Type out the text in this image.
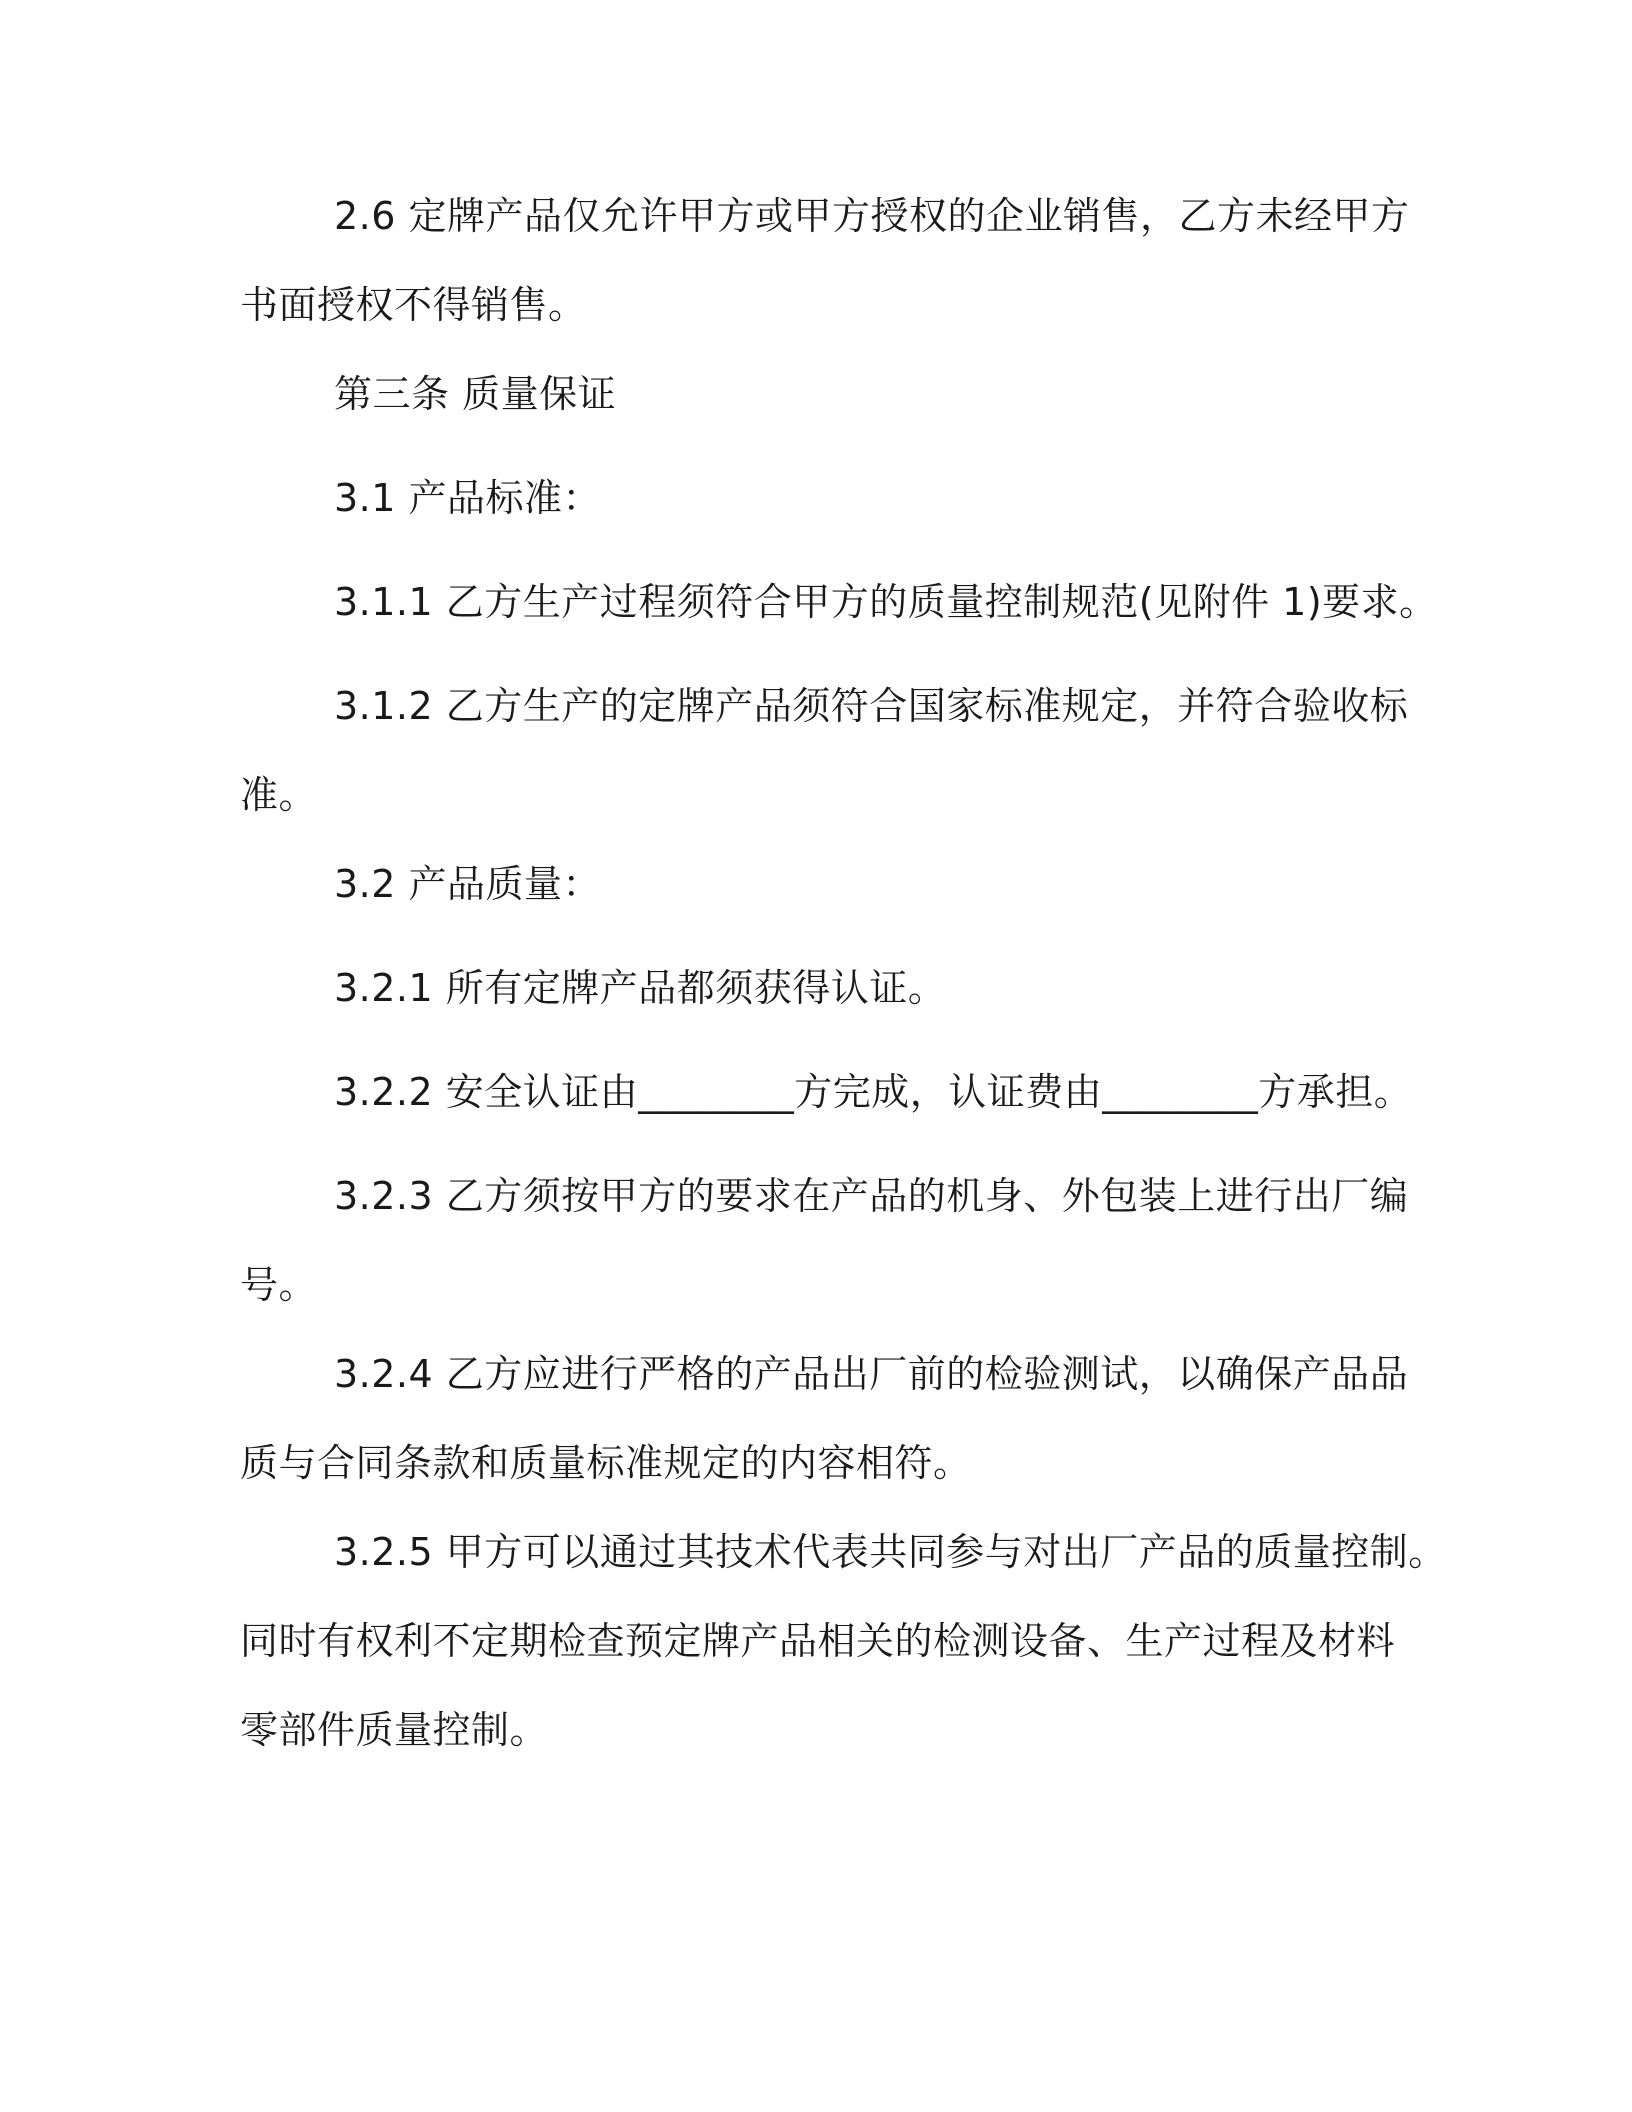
2.6 定牌产品仅允许甲方或甲方授权的企业销售，乙方未经甲方
书面授权不得销售。

第三条 质量保证

3.1 产品标准：

3.1.1 乙方生产过程须符合甲方的质量控制规范(见附件 1)要求。

3.1.2 乙方生产的定牌产品须符合国家标准规定，并符合验收标
准。

3.2 产品质量：

3.2.1 所有定牌产品都须获得认证。

3.2.2 安全认证由________方完成，认证费由________方承担。

3.2.3 乙方须按甲方的要求在产品的机身、外包装上进行出厂编
号。

3.2.4 乙方应进行严格的产品出厂前的检验测试，以确保产品品
质与合同条款和质量标准规定的内容相符。

3.2.5 甲方可以通过其技术代表共同参与对出厂产品的质量控制。
同时有权利不定期检查预定牌产品相关的检测设备、生产过程及材料
零部件质量控制。
